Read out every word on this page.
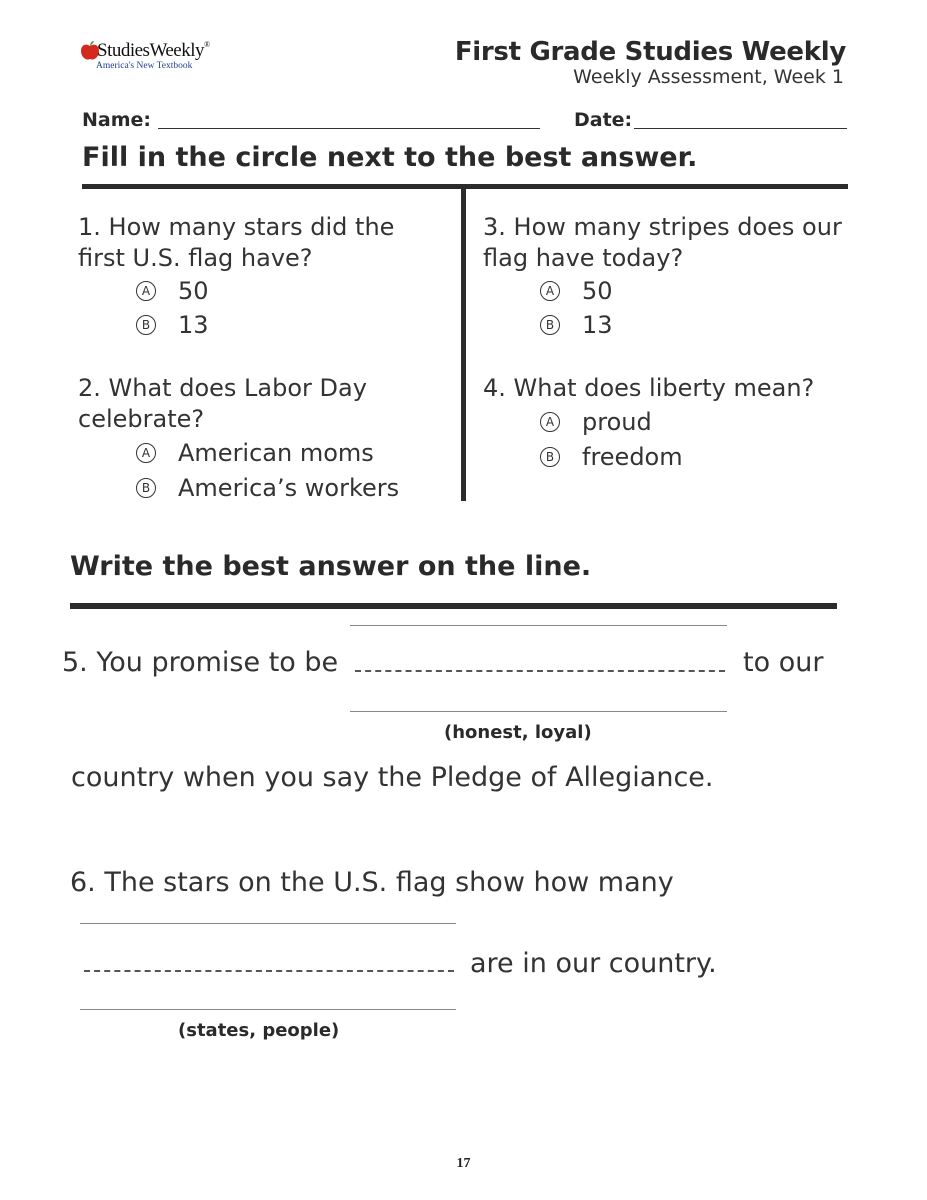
StudiesWeekly®
America's New Textbook	First Grade Studies Weekly
Weekly Assessment, Week 1
Name:	Date:
Fill in the circle next to the best answer.
1. How many stars did the
first U.S. flag have?
A 50
B 13
2. What does Labor Day
celebrate?
A American moms
B America’s workers
3. How many stripes does our
flag have today?
A 50
B 13
4. What does liberty mean?
A proud
B freedom
Write the best answer on the line.
5. You promise to be	to our
(honest, loyal)
country when you say the Pledge of Allegiance.
6. The stars on the U.S. flag show how many
are in our country.
(states, people)
17
